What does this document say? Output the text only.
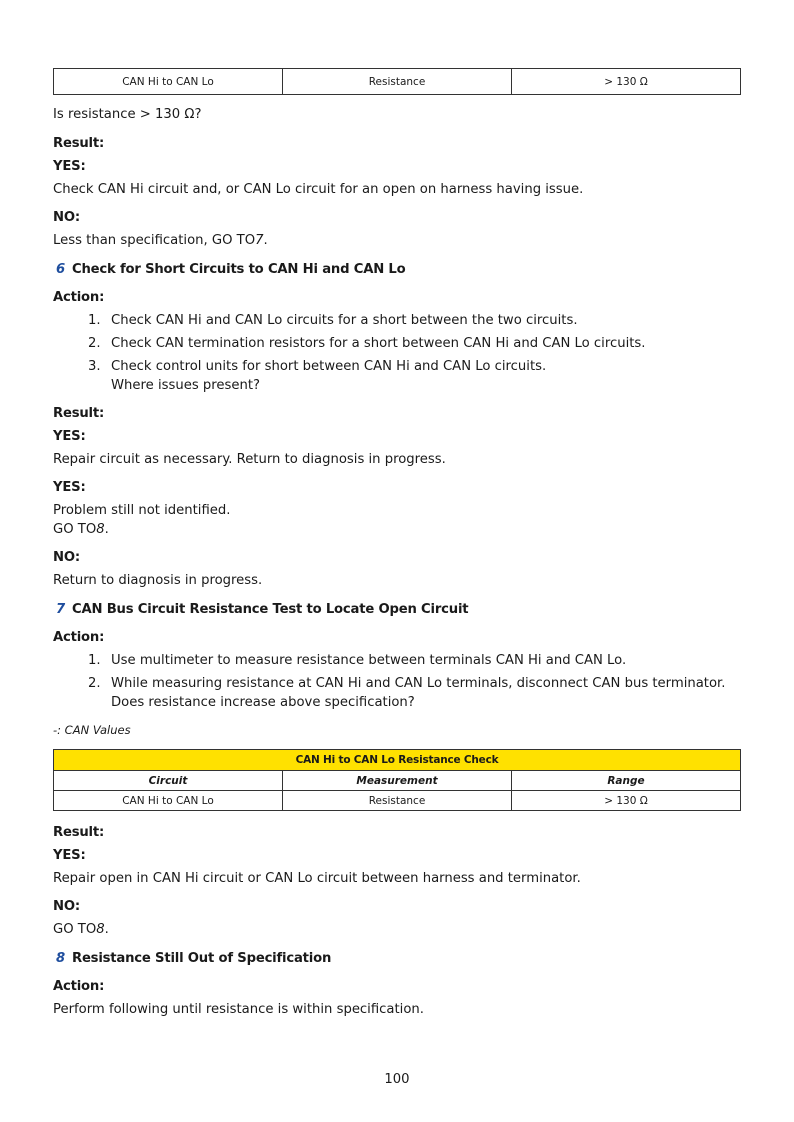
CAN Hi to CAN Lo	Resistance	> 130 Ω
Is resistance > 130 Ω?
Result:
YES:
Check CAN Hi circuit and, or CAN Lo circuit for an open on harness having issue.
NO:
Less than specification, GO TO7.
6 Check for Short Circuits to CAN Hi and CAN Lo
Action:
1. Check CAN Hi and CAN Lo circuits for a short between the two circuits.
2. Check CAN termination resistors for a short between CAN Hi and CAN Lo circuits.
3. Check control units for short between CAN Hi and CAN Lo circuits.
Where issues present?
Result:
YES:
Repair circuit as necessary. Return to diagnosis in progress.
YES:
Problem still not identified.
GO TO8.
NO:
Return to diagnosis in progress.
7 CAN Bus Circuit Resistance Test to Locate Open Circuit
Action:
1. Use multimeter to measure resistance between terminals CAN Hi and CAN Lo.
2. While measuring resistance at CAN Hi and CAN Lo terminals, disconnect CAN bus terminator.
Does resistance increase above specification?
-: CAN Values
CAN Hi to CAN Lo Resistance Check		
Circuit	Measurement	Range
CAN Hi to CAN Lo	Resistance	> 130 Ω
Result:
YES:
Repair open in CAN Hi circuit or CAN Lo circuit between harness and terminator.
NO:
GO TO8.
8 Resistance Still Out of Specification
Action:
Perform following until resistance is within specification.
100
